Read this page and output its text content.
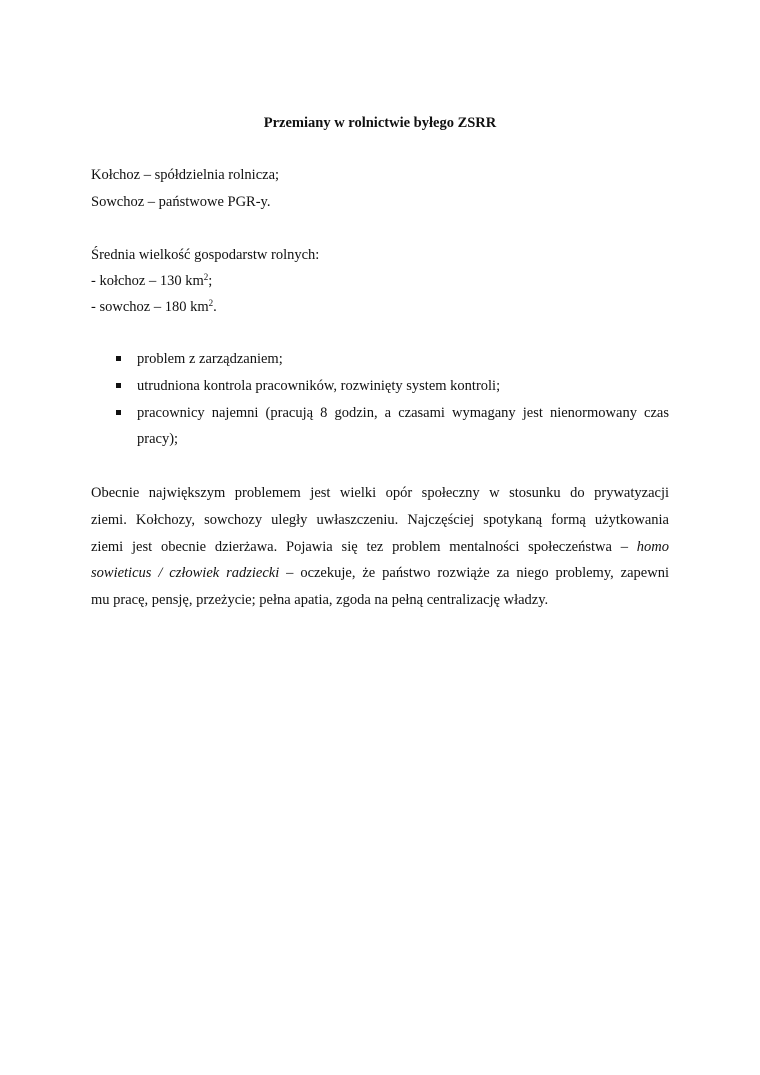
Przemiany w rolnictwie byłego ZSRR
Kołchoz – spółdzielnia rolnicza;
Sowchoz – państwowe PGR-y.
Średnia wielkość gospodarstw rolnych:
- kołchoz – 130 $km^2$;
- sowchoz – 180 $km^2$.
problem z zarządzaniem;
utrudniona kontrola pracowników, rozwinięty system kontroli;
pracownicy najemni (pracują 8 godzin, a czasami wymagany jest nienormowany czas
pracy);
Obecnie największym problemem jest wielki opór społeczny w stosunku do prywatyzacji
ziemi. Kołchozy, sowchozy uległy uwłaszczeniu. Najczęściej spotykaną formą użytkowania
ziemi jest obecnie dzierżawa. Pojawia się tez problem mentalności społeczeństwa – homo
sowieticus / człowiek radziecki – oczekuje, że państwo rozwiąże za niego problemy, zapewni
mu pracę, pensję, przeżycie; pełna apatia, zgoda na pełną centralizację władzy.
